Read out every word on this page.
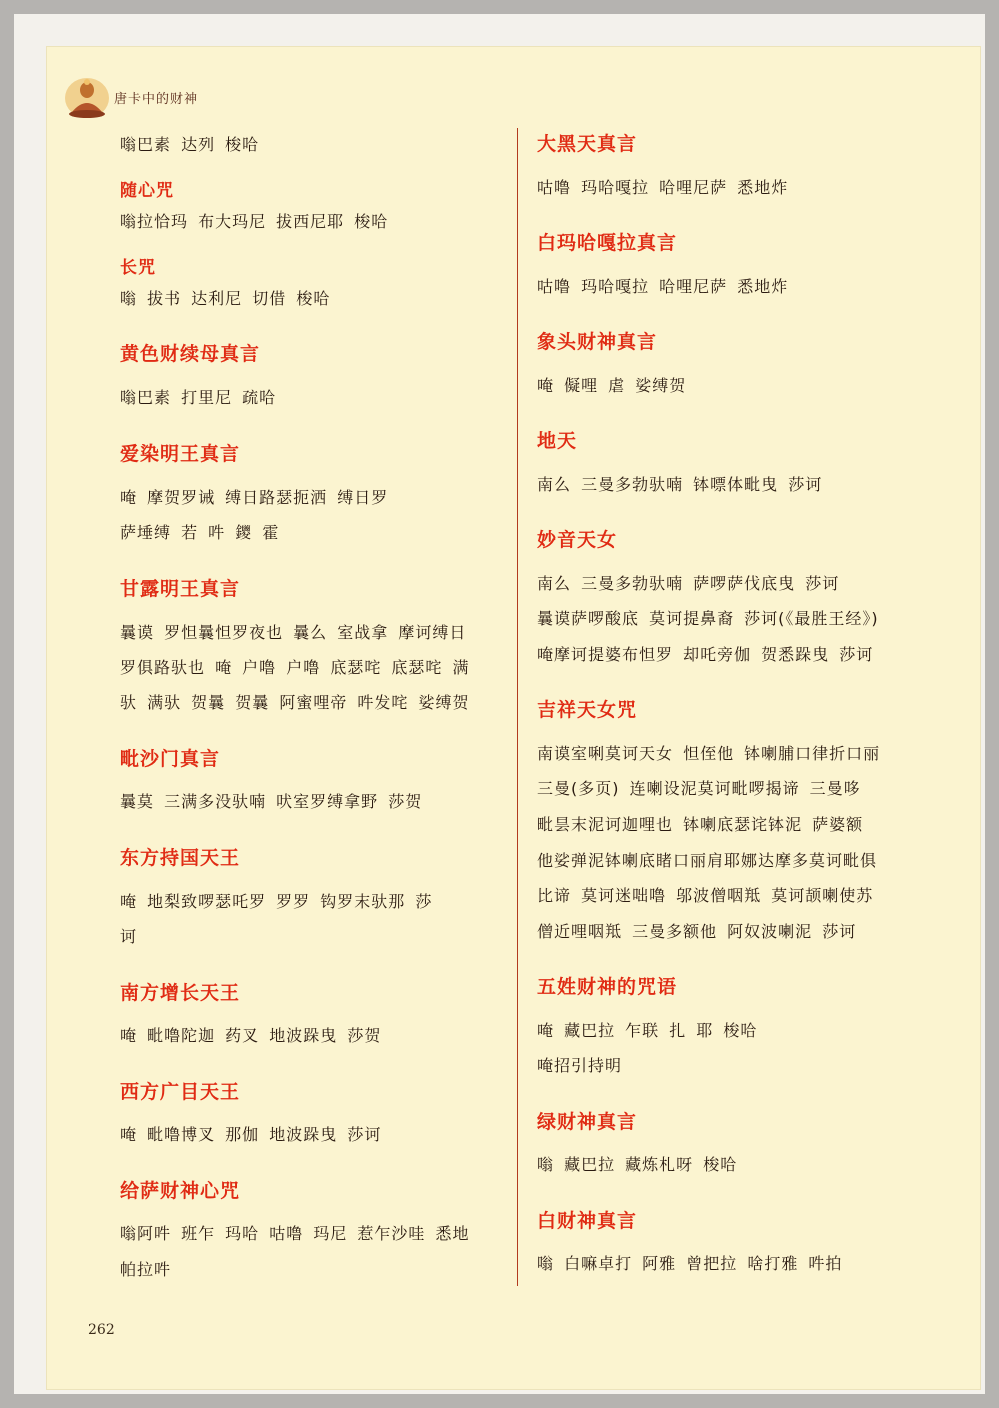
唐卡中的财神
嗡巴素 达列 梭哈
随心咒
嗡拉恰玛 布大玛尼 拔西尼耶 梭哈
长咒
嗡 拔书 达利尼 切借 梭哈
黄色财续母真言
嗡巴素 打里尼 疏哈
爱染明王真言
唵 摩贺罗诫 缚日路瑟扼洒 缚日罗
萨埵缚 若 吽 鑁 霍
甘露明王真言
曩谟 罗怛曩怛罗夜也 曩么 室战拿 摩诃缚日
罗俱路驮也 唵 户噜 户噜 底瑟咤 底瑟咤 满
驮 满驮 贺曩 贺曩 阿蜜哩帝 吽发咤 娑缚贺
毗沙门真言
曩莫 三满多没驮喃 吠室罗缚拿野 莎贺
东方持国天王
唵 地梨致啰瑟吒罗 罗罗 钩罗末驮那 莎
诃
南方增长天王
唵 毗噜陀迦 药叉 地波跺曳 莎贺
西方广目天王
唵 毗噜博叉 那伽 地波跺曳 莎诃
给萨财神心咒
嗡阿吽 班乍 玛哈 咕噜 玛尼 惹乍沙哇 悉地
帕拉吽
大黑天真言
咕噜 玛哈嘎拉 哈哩尼萨 悉地炸
白玛哈嘎拉真言
咕噜 玛哈嘎拉 哈哩尼萨 悉地炸
象头财神真言
唵 儗哩 虐 娑缚贺
地天
南么 三曼多勃驮喃 钵嘌体毗曳 莎诃
妙音天女
南么 三曼多勃驮喃 萨啰萨伐底曳 莎诃
曩谟萨啰酸底 莫诃提鼻裔 莎诃(《最胜王经》)
唵摩诃提婆布怛罗 却吒旁伽 贺悉跺曳 莎诃
吉祥天女咒
南谟室唎莫诃天女 怛侄他 钵喇脯口律折口丽
三曼(多页) 连喇设泥莫诃毗啰揭谛 三曼哆
毗昙末泥诃迦哩也 钵喇底瑟诧钵泥 萨婆额
他娑弹泥钵喇底睹口丽肩耶娜达摩多莫诃毗俱
比谛 莫诃迷咄噜 邬波僧咽羝 莫诃颉喇使苏
僧近哩咽羝 三曼多额他 阿奴波喇泥 莎诃
五姓财神的咒语
唵 藏巴拉 乍联 扎 耶 梭哈
唵招引持明
绿财神真言
嗡 藏巴拉 藏炼札呀 梭哈
白财神真言
嗡 白嘛卓打 阿雅 曾把拉 啥打雅 吽拍
262
